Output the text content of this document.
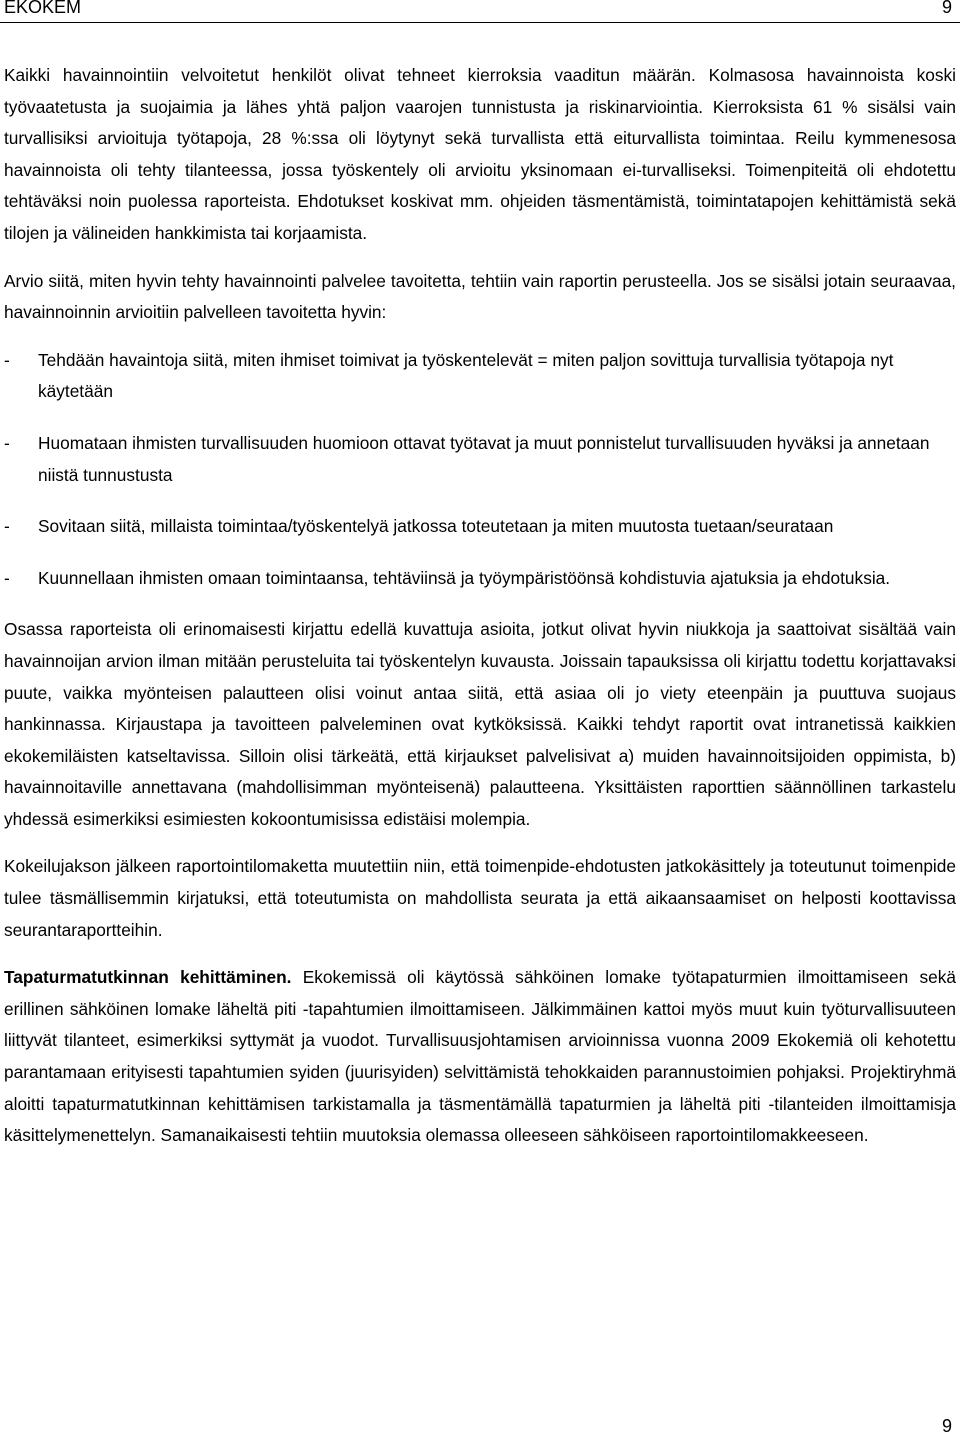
EKOKEM	9

Kaikki havainnointiin velvoitetut henkilöt olivat tehneet kierroksia vaaditun määrän. Kolmasosa havainnoista koski työvaatetusta ja suojaimia ja lähes yhtä paljon vaarojen tunnistusta ja riskinarviointia. Kierroksista 61 % sisälsi vain turvallisiksi arvioituja työtapoja, 28 %:ssa oli löytynyt sekä turvallista että eiturvallista toimintaa. Reilu kymmenesosa havainnoista oli tehty tilanteessa, jossa työskentely oli arvioitu yksinomaan ei-turvalliseksi. Toimenpiteitä oli ehdotettu tehtäväksi noin puolessa raporteista. Ehdotukset koskivat mm. ohjeiden täsmentämistä, toimintatapojen kehittämistä sekä tilojen ja välineiden hankkimista tai korjaamista.

Arvio siitä, miten hyvin tehty havainnointi palvelee tavoitetta, tehtiin vain raportin perusteella. Jos se sisälsi jotain seuraavaa, havainnoinnin arvioitiin palvelleen tavoitetta hyvin:

- Tehdään havaintoja siitä, miten ihmiset toimivat ja työskentelevät = miten paljon sovittuja turvallisia työtapoja nyt käytetään
- Huomataan ihmisten turvallisuuden huomioon ottavat työtavat ja muut ponnistelut turvallisuuden hyväksi ja annetaan niistä tunnustusta
- Sovitaan siitä, millaista toimintaa/työskentelyä jatkossa toteutetaan ja miten muutosta tuetaan/seurataan
- Kuunnellaan ihmisten omaan toimintaansa, tehtäviinsä ja työympäristöönsä kohdistuvia ajatuksia ja ehdotuksia.

Osassa raporteista oli erinomaisesti kirjattu edellä kuvattuja asioita, jotkut olivat hyvin niukkoja ja saattoivat sisältää vain havainnoijan arvion ilman mitään perusteluita tai työskentelyn kuvausta. Joissain tapauksissa oli kirjattu todettu korjattavaksi puute, vaikka myönteisen palautteen olisi voinut antaa siitä, että asiaa oli jo viety eteenpäin ja puuttuva suojaus hankinnassa. Kirjaustapa ja tavoitteen palveleminen ovat kytköksissä. Kaikki tehdyt raportit ovat intranetissä kaikkien ekokemiläisten katseltavissa. Silloin olisi tärkeätä, että kirjaukset palvelisivat a) muiden havainnoitsijoiden oppimista, b) havainnoitaville annettavana (mahdollisimman myönteisenä) palautteena. Yksittäisten raporttien säännöllinen tarkastelu yhdessä esimerkiksi esimiesten kokoontumisissa edistäisi molempia.

Kokeilujakson jälkeen raportointilomaketta muutettiin niin, että toimenpide-ehdotusten jatkokäsittely ja toteutunut toimenpide tulee täsmällisemmin kirjatuksi, että toteutumista on mahdollista seurata ja että aikaansaamiset on helposti koottavissa seurantaraportteihin.

Tapaturmatutkinnan kehittäminen. Ekokemissä oli käytössä sähköinen lomake työtapaturmien ilmoittamiseen sekä erillinen sähköinen lomake läheltä piti -tapahtumien ilmoittamiseen. Jälkimmäinen kattoi myös muut kuin työturvallisuuteen liittyvät tilanteet, esimerkiksi syttymät ja vuodot. Turvallisuusjohtamisen arvioinnissa vuonna 2009 Ekokemiä oli kehotettu parantamaan erityisesti tapahtumien syiden (juurisyiden) selvittämistä tehokkaiden parannustoimien pohjaksi. Projektiryhmä aloitti tapaturmatutkinnan kehittämisen tarkistamalla ja täsmentämällä tapaturmien ja läheltä piti -tilanteiden ilmoittamisja käsittelymenettelyn. Samanaikaisesti tehtiin muutoksia olemassa olleeseen sähköiseen raportointilomakkeeseen.

9
